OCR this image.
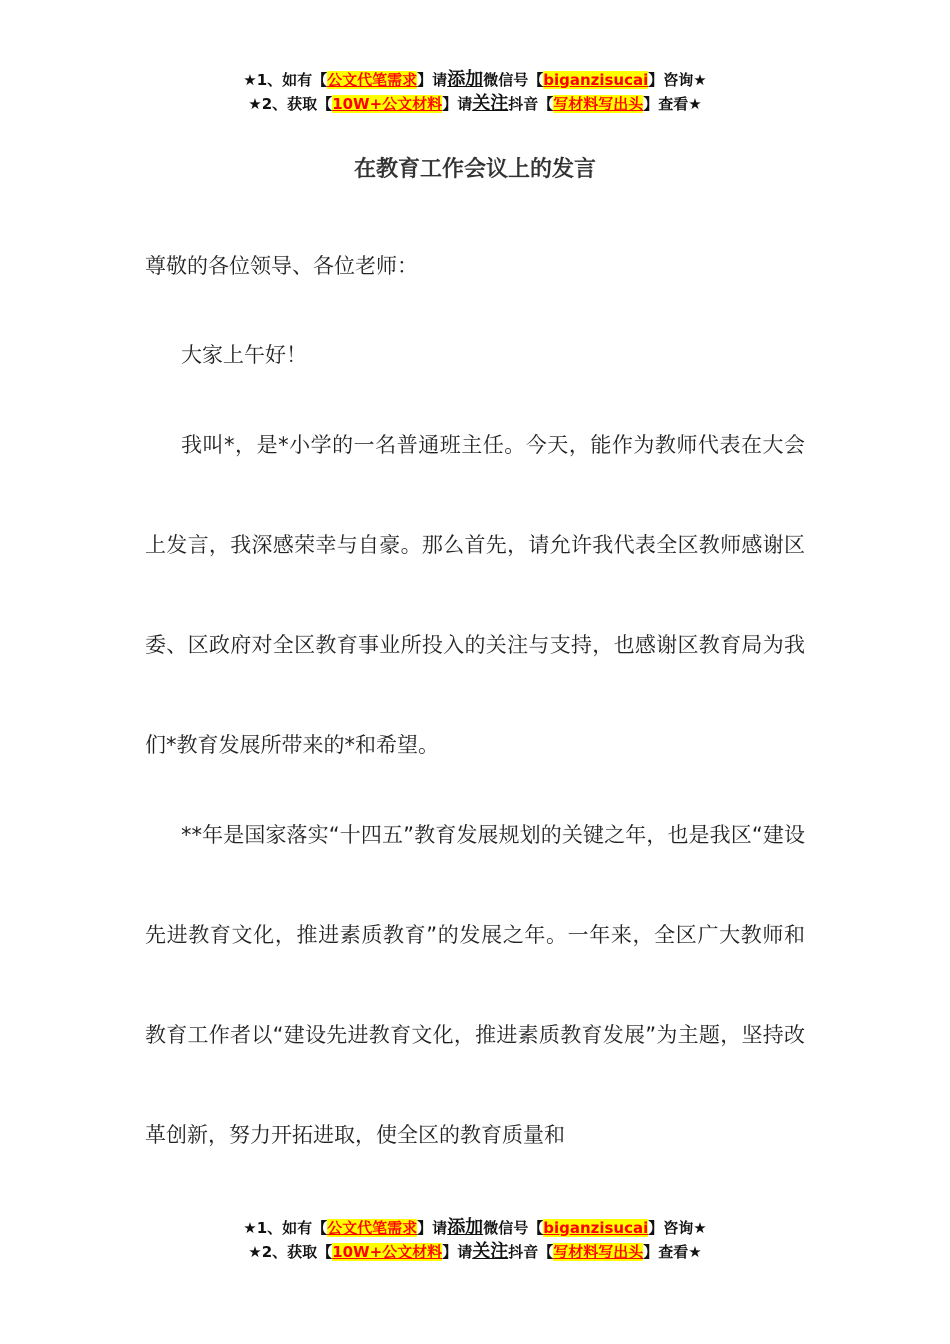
★1、如有【公文代笔需求】请添加微信号【biganzisucai】咨询★
★2、获取【10W+公文材料】请关注抖音【写材料写出头】查看★
在教育工作会议上的发言
尊敬的各位领导、各位老师：

大家上午好！

我叫*，是*小学的一名普通班主任。今天，能作为教师代表在大会上发言，我深感荣幸与自豪。那么首先，请允许我代表全区教师感谢区委、区政府对全区教育事业所投入的关注与支持，也感谢区教育局为我们*教育发展所带来的*和希望。

**年是国家落实“十四五”教育发展规划的关键之年，也是我区“建设先进教育文化，推进素质教育”的发展之年。一年来，全区广大教师和教育工作者以“建设先进教育文化，推进素质教育发展”为主题，坚持改革创新，努力开拓进取，使全区的教育质量和

★1、如有【公文代笔需求】请添加微信号【biganzisucai】咨询★
★2、获取【10W+公文材料】请关注抖音【写材料写出头】查看★
